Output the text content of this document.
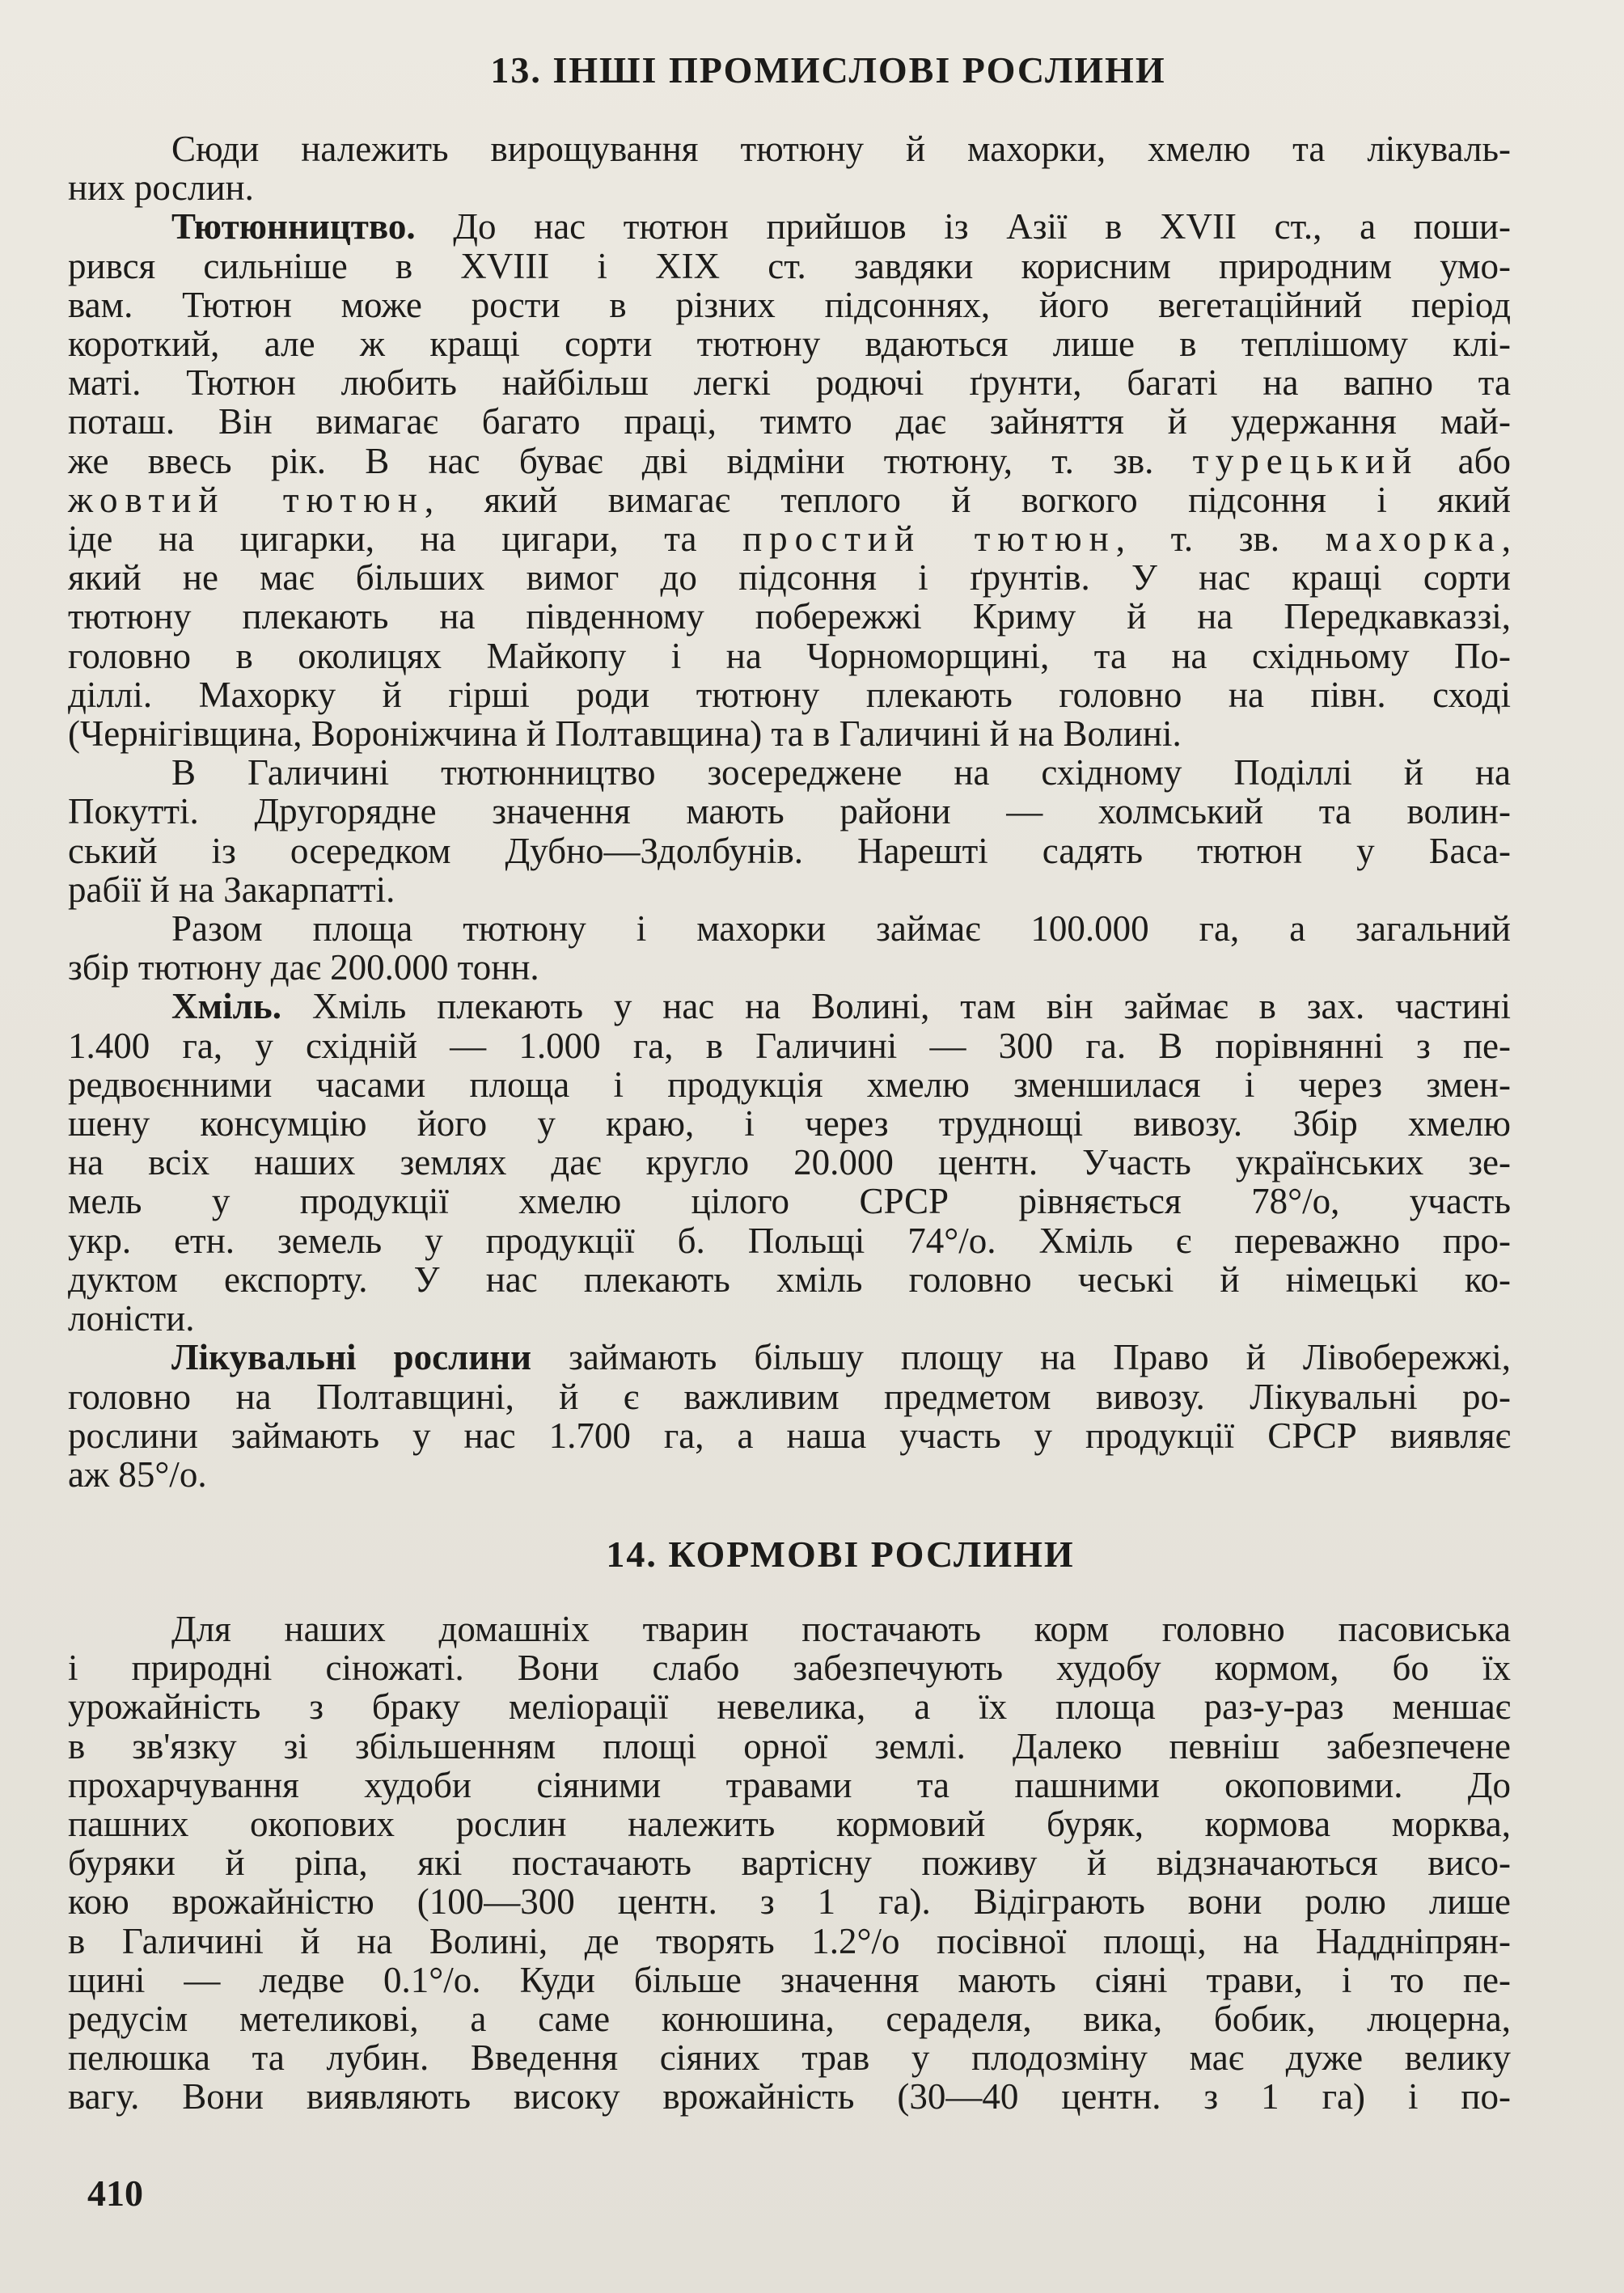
13. ІНШІ ПРОМИСЛОВІ РОСЛИНИ
Сюди належить вирощування тютюну й махорки, хмелю та лікуваль-
них рослин.
Тютюнництво. До нас тютюн прийшов із Азії в XVII ст., а поши-
рився сильніше в XVIII і XIX ст. завдяки корисним природним умо-
вам. Тютюн може рости в різних підсоннях, його вегетаційний період
короткий, але ж кращі сорти тютюну вдаються лише в теплішому клі-
маті. Тютюн любить найбільш легкі родючі ґрунти, багаті на вапно та
поташ. Він вимагає багато праці, тимто дає зайняття й удержання май-
же ввесь рік. В нас буває дві відміни тютюну, т. зв. турецький або
жовтий тютюн, який вимагає теплого й вогкого підсоння і який
іде на цигарки, на цигари, та простий тютюн, т. зв. махорка,
який не має більших вимог до підсоння і ґрунтів. У нас кращі сорти
тютюну плекають на південному побережжі Криму й на Передкавказзі,
головно в околицях Майкопу і на Чорноморщині, та на східньому По-
діллі. Махорку й гірші роди тютюну плекають головно на півн. сході
(Чернігівщина, Вороніжчина й Полтавщина) та в Галичині й на Волині.
В Галичині тютюнництво зосереджене на східному Поділлі й на
Покутті. Другорядне значення мають райони — холмський та волин-
ський із осередком Дубно—Здолбунів. Нарешті садять тютюн у Баса-
рабії й на Закарпатті.
Разом площа тютюну і махорки займає 100.000 га, а загальний
збір тютюну дає 200.000 тонн.
Хміль. Хміль плекають у нас на Волині, там він займає в зах. частині
1.400 га, у східній — 1.000 га, в Галичині — 300 га. В порівнянні з пе-
редвоєнними часами площа і продукція хмелю зменшилася і через змен-
шену консумцію його у краю, і через труднощі вивозу. Збір хмелю
на всіх наших землях дає кругло 20.000 центн. Участь українських зе-
мель у продукції хмелю цілого СРСР рівняється 78°/о, участь
укр. етн. земель у продукції б. Польщі 74°/о. Хміль є переважно про-
дуктом експорту. У нас плекають хміль головно чеські й німецькі ко-
лоністи.
Лікувальні рослини займають більшу площу на Право й Лівобережжі,
головно на Полтавщині, й є важливим предметом вивозу. Лікувальні ро-
рослини займають у нас 1.700 га, а наша участь у продукції СРСР виявляє
аж 85°/о.
14. КОРМОВІ РОСЛИНИ
Для наших домашніх тварин постачають корм головно пасовиська
і природні сіножаті. Вони слабо забезпечують худобу кормом, бо їх
урожайність з браку меліорації невелика, а їх площа раз-у-раз меншає
в зв'язку зі збільшенням площі орної землі. Далеко певніш забезпечене
прохарчування худоби сіяними травами та пашними окоповими. До
пашних окопових рослин належить кормовий буряк, кормова морква,
буряки й ріпа, які постачають вартісну поживу й відзначаються висо-
кою врожайністю (100—300 центн. з 1 га). Відіграють вони ролю лише
в Галичині й на Волині, де творять 1.2°/о посівної площі, на Наддніпрян-
щині — ледве 0.1°/о. Куди більше значення мають сіяні трави, і то пе-
редусім метеликові, а саме конюшина, сераделя, вика, бобик, люцерна,
пелюшка та лубин. Введення сіяних трав у плодозміну має дуже велику
вагу. Вони виявляють високу врожайність (30—40 центн. з 1 га) і по-
410
